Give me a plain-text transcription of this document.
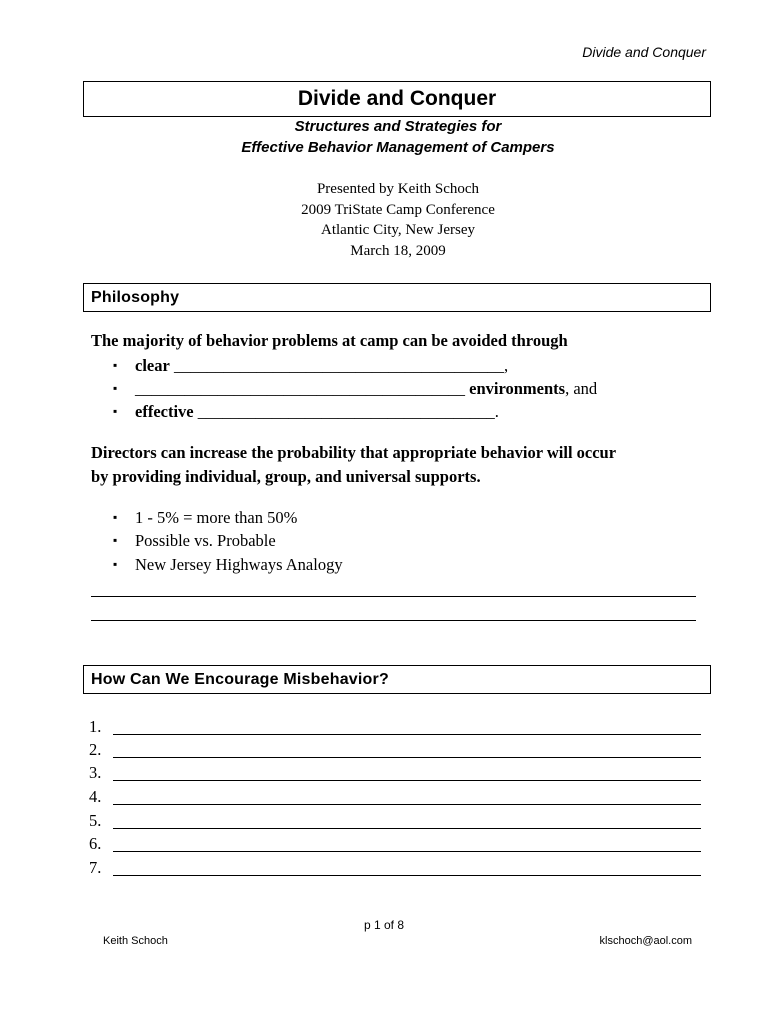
Divide and Conquer
Divide and Conquer
Structures and Strategies for
Effective Behavior Management of Campers
Presented by Keith Schoch
2009 TriState Camp Conference
Atlantic City, New Jersey
March 18, 2009
Philosophy
The majority of behavior problems at camp can be avoided through
▪ clear ________________________________________,
▪ ________________________________________ environments, and
▪ effective ____________________________________.
Directors can increase the probability that appropriate behavior will occur
by providing individual, group, and universal supports.
▪ 1 - 5% = more than 50%
▪ Possible vs. Probable
▪ New Jersey Highways Analogy
How Can We Encourage Misbehavior?
1.
2.
3.
4.
5.
6.
7.
p 1 of 8
Keith Schoch	klschoch@aol.com
